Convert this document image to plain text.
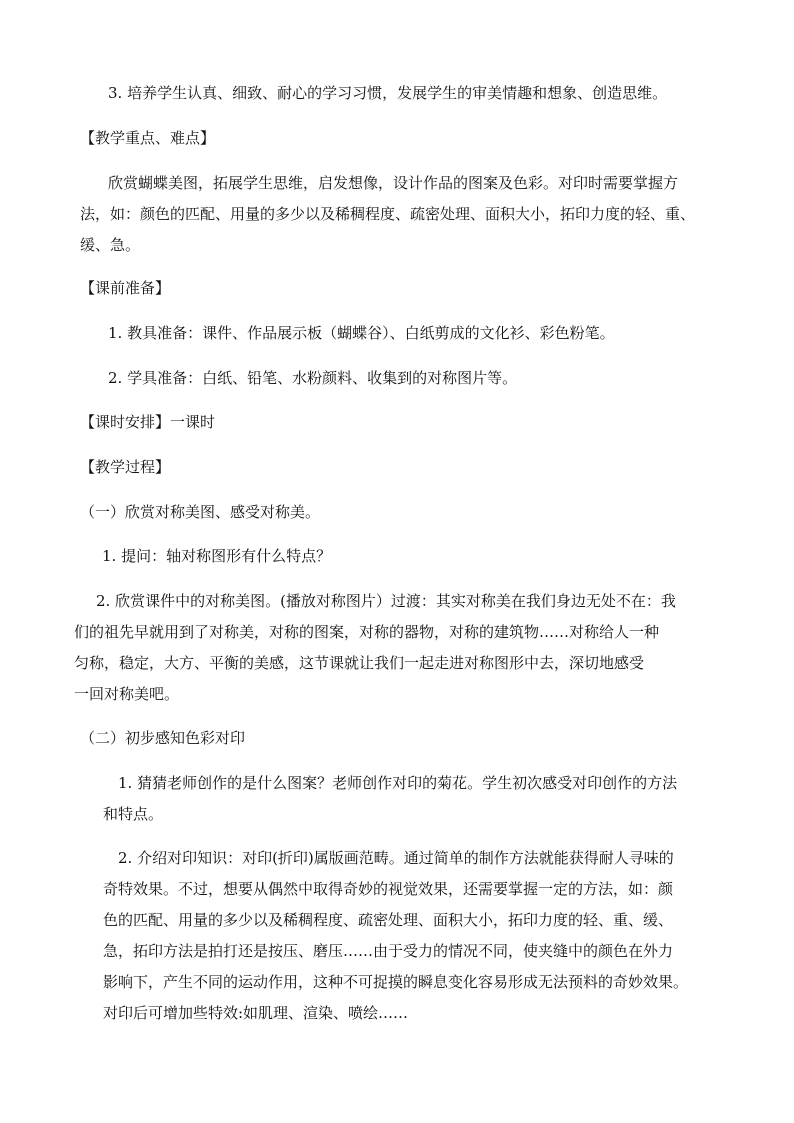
3. 培养学生认真、细致、耐心的学习习惯，发展学生的审美情趣和想象、创造思维。
【教学重点、难点】
欣赏蝴蝶美图，拓展学生思维，启发想像，设计作品的图案及色彩。对印时需要掌握方
法，如：颜色的匹配、用量的多少以及稀稠程度、疏密处理、面积大小，拓印力度的轻、重、
缓、急。
【课前准备】
1. 教具准备：课件、作品展示板（蝴蝶谷）、白纸剪成的文化衫、彩色粉笔。
2. 学具准备：白纸、铅笔、水粉颜料、收集到的对称图片等。
【课时安排】一课时
【教学过程】
（一）欣赏对称美图、感受对称美。
1. 提问：轴对称图形有什么特点？
2. 欣赏课件中的对称美图。(播放对称图片）过渡：其实对称美在我们身边无处不在：我
们的祖先早就用到了对称美，对称的图案，对称的器物，对称的建筑物……对称给人一种
匀称，稳定，大方、平衡的美感，这节课就让我们一起走进对称图形中去，深切地感受
一回对称美吧。
（二）初步感知色彩对印
1. 猜猜老师创作的是什么图案？老师创作对印的菊花。学生初次感受对印创作的方法
和特点。
2. 介绍对印知识：对印(折印)属版画范畴。通过简单的制作方法就能获得耐人寻味的
奇特效果。不过，想要从偶然中取得奇妙的视觉效果，还需要掌握一定的方法，如：颜
色的匹配、用量的多少以及稀稠程度、疏密处理、面积大小，拓印力度的轻、重、缓、
急，拓印方法是拍打还是按压、磨压……由于受力的情况不同，使夹缝中的颜色在外力
影响下，产生不同的运动作用，这种不可捉摸的瞬息变化容易形成无法预料的奇妙效果。
对印后可增加些特效:如肌理、渲染、喷绘……
